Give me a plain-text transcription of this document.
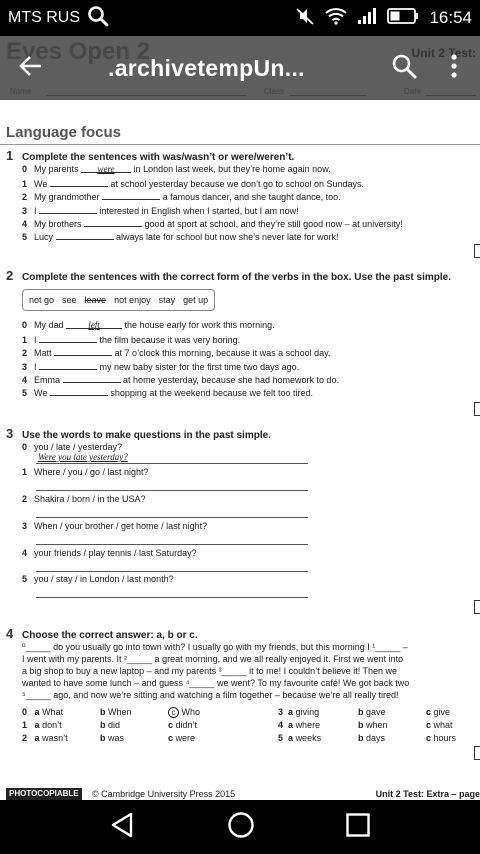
MTS RUS	16:54
Language focus
1 Complete the sentences with was/wasn’t or were/weren’t.
0 My parents were in London last week, but they’re home again now.
1 We	at school yesterday because we don’t go to school on Sundays.
2 My grandmother	a famous dancer, and she taught dance, too.
3 I	interested in English when I started, but I am now!
4 My brothers	good at sport at school, and they’re still good now – at university!
5 Lucy	always late for school but now she’s never late for work!
2 Complete the sentences with the correct form of the verbs in the box. Use the past simple.
not go see leave not enjoy stay get up
0 My dad	left	the house early for work this morning.
1 I	the film because it was very boring.
2 Matt	at 7 o’clock this morning, because it was a school day.
3 I	my new baby sister for the first time two days ago.
4 Emma	at home yesterday, because she had homework to do.
5 We	shopping at the weekend because we felt too tired.
3 Use the words to make questions in the past simple.
0 you / late / yesterday?
Were you late yesterday?
1 Where / you / go / last night?
2 Shakira / born / in the USA?
3 When / your brother / get home / last night?
4 your friends / play tennis / last Saturday?
5 you / stay / in London / last month?
4 Choose the correct answer: a, b or c.
⁰_____ do you usually go into town with? I usually go with my friends, but this morning I ¹_____ –
I went with my parents. It ²_____ a great morning, and we all really enjoyed it. First we went into
a big shop to buy a new laptop – and my parents ³_____ it to me! I couldn’t believe it! Then we
wanted to have some lunch – and guess ⁴_____ we went? To my favourite café! We got back two
⁵_____ ago, and now we’re sitting and watching a film together – because we’re all really tired!
0 a What	b When	c Who
1 a don’t	b did	c didn’t
2 a wasn’t	b was	c were
3 a giving	b gave	c give
4 a where	b when	c what
5 a weeks	b days	c hours
PHOTOCOPIABLE	© Cambridge University Press 2015	Unit 2 Test: Extra – page
.archivetempUn...
